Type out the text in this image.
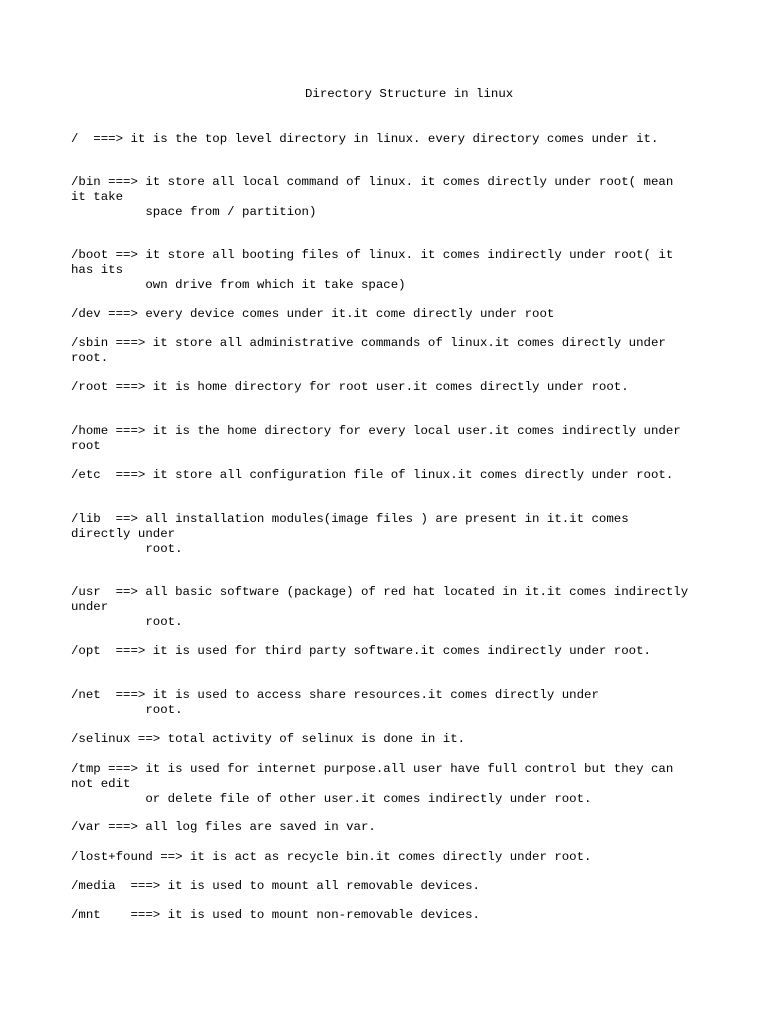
Directory Structure in linux
/  ===> it is the top level directory in linux. every directory comes under it.
/bin ===> it store all local command of linux. it comes directly under root( mean
it take
space from / partition)
/boot ==> it store all booting files of linux. it comes indirectly under root( it
has its
own drive from which it take space)
/dev ===> every device comes under it.it come directly under root
/sbin ===> it store all administrative commands of linux.it comes directly under
root.
/root ===> it is home directory for root user.it comes directly under root.
/home ===> it is the home directory for every local user.it comes indirectly under
root
/etc  ===> it store all configuration file of linux.it comes directly under root.
/lib  ==> all installation modules(image files ) are present in it.it comes
directly under
root.
/usr  ==> all basic software (package) of red hat located in it.it comes indirectly
under
root.
/opt  ===> it is used for third party software.it comes indirectly under root.
/net  ===> it is used to access share resources.it comes directly under
root.
/selinux ==> total activity of selinux is done in it.
/tmp ===> it is used for internet purpose.all user have full control but they can
not edit
or delete file of other user.it comes indirectly under root.
/var ===> all log files are saved in var.
/lost+found ==> it is act as recycle bin.it comes directly under root.
/media  ===> it is used to mount all removable devices.
/mnt    ===> it is used to mount non-removable devices.
